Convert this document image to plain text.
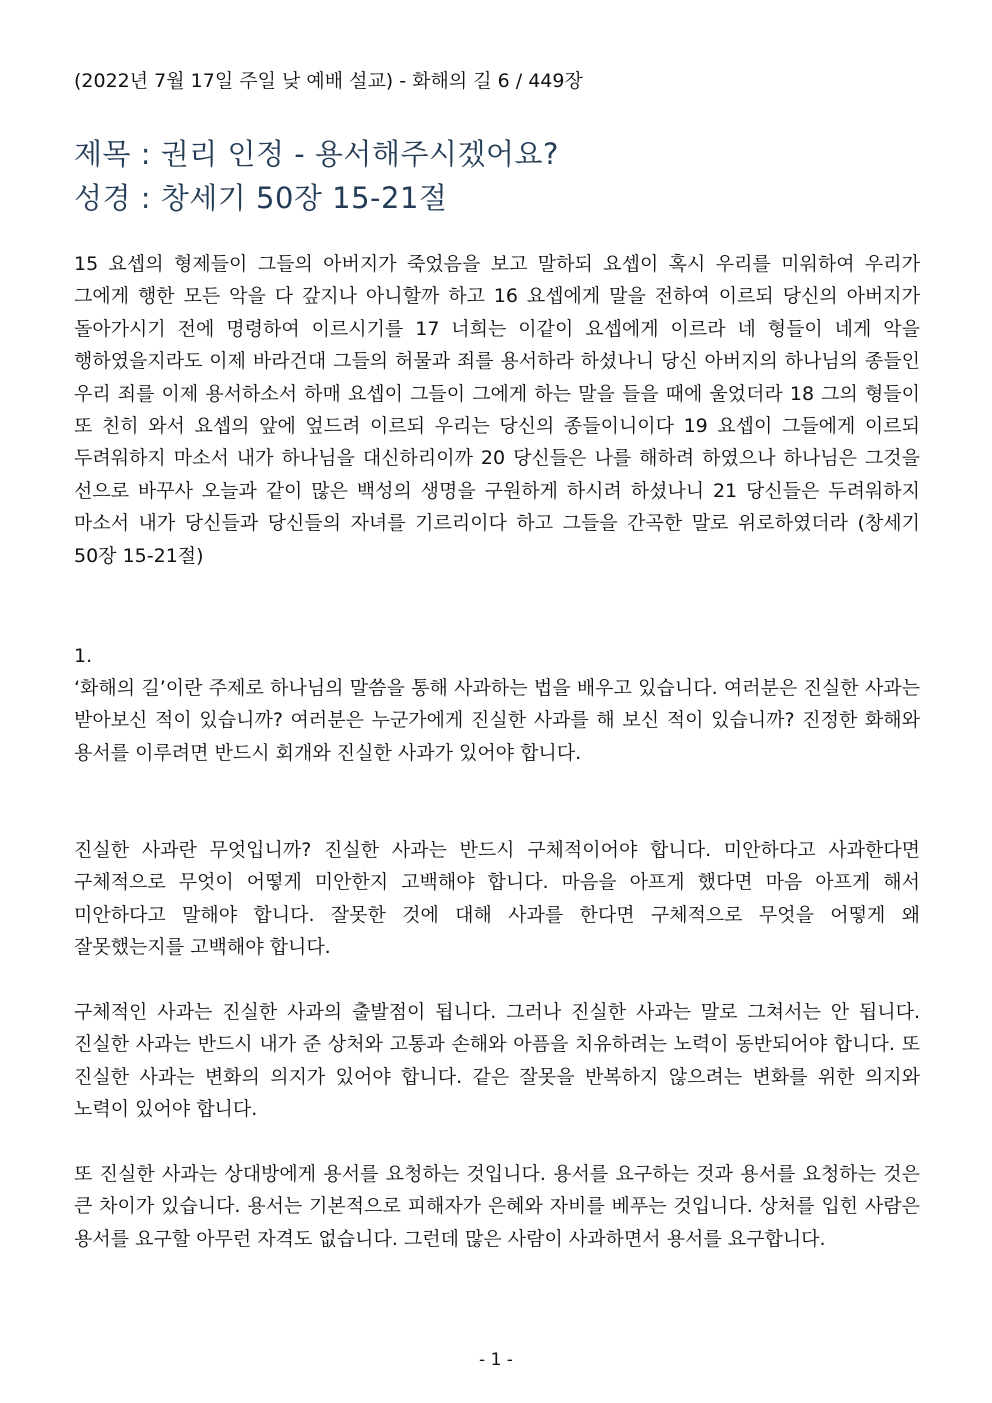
(2022년 7월 17일 주일 낮 예배 설교) - 화해의 길 6 / 449장
제목 : 권리 인정 - 용서해주시겠어요?
성경 : 창세기 50장 15-21절
15 요셉의 형제들이 그들의 아버지가 죽었음을 보고 말하되 요셉이 혹시 우리를 미워하여 우리가 그에게 행한 모든 악을 다 갚지나 아니할까 하고 16 요셉에게 말을 전하여 이르되 당신의 아버지가 돌아가시기 전에 명령하여 이르시기를 17 너희는 이같이 요셉에게 이르라 네 형들이 네게 악을 행하였을지라도 이제 바라건대 그들의 허물과 죄를 용서하라 하셨나니 당신 아버지의 하나님의 종들인 우리 죄를 이제 용서하소서 하매 요셉이 그들이 그에게 하는 말을 들을 때에 울었더라 18 그의 형들이 또 친히 와서 요셉의 앞에 엎드려 이르되 우리는 당신의 종들이니이다 19 요셉이 그들에게 이르되 두려워하지 마소서 내가 하나님을 대신하리이까 20 당신들은 나를 해하려 하였으나 하나님은 그것을 선으로 바꾸사 오늘과 같이 많은 백성의 생명을 구원하게 하시려 하셨나니 21 당신들은 두려워하지 마소서 내가 당신들과 당신들의 자녀를 기르리이다 하고 그들을 간곡한 말로 위로하였더라 (창세기 50장 15-21절)
1.
‘화해의 길’이란 주제로 하나님의 말씀을 통해 사과하는 법을 배우고 있습니다. 여러분은 진실한 사과는 받아보신 적이 있습니까? 여러분은 누군가에게 진실한 사과를 해 보신 적이 있습니까? 진정한 화해와 용서를 이루려면 반드시 회개와 진실한 사과가 있어야 합니다.
진실한 사과란 무엇입니까? 진실한 사과는 반드시 구체적이어야 합니다. 미안하다고 사과한다면 구체적으로 무엇이 어떻게 미안한지 고백해야 합니다. 마음을 아프게 했다면 마음 아프게 해서 미안하다고 말해야 합니다. 잘못한 것에 대해 사과를 한다면 구체적으로 무엇을 어떻게 왜 잘못했는지를 고백해야 합니다.
구체적인 사과는 진실한 사과의 출발점이 됩니다. 그러나 진실한 사과는 말로 그쳐서는 안 됩니다. 진실한 사과는 반드시 내가 준 상처와 고통과 손해와 아픔을 치유하려는 노력이 동반되어야 합니다. 또 진실한 사과는 변화의 의지가 있어야 합니다. 같은 잘못을 반복하지 않으려는 변화를 위한 의지와 노력이 있어야 합니다.
또 진실한 사과는 상대방에게 용서를 요청하는 것입니다. 용서를 요구하는 것과 용서를 요청하는 것은 큰 차이가 있습니다. 용서는 기본적으로 피해자가 은혜와 자비를 베푸는 것입니다. 상처를 입힌 사람은 용서를 요구할 아무런 자격도 없습니다. 그런데 많은 사람이 사과하면서 용서를 요구합니다.
- 1 -
